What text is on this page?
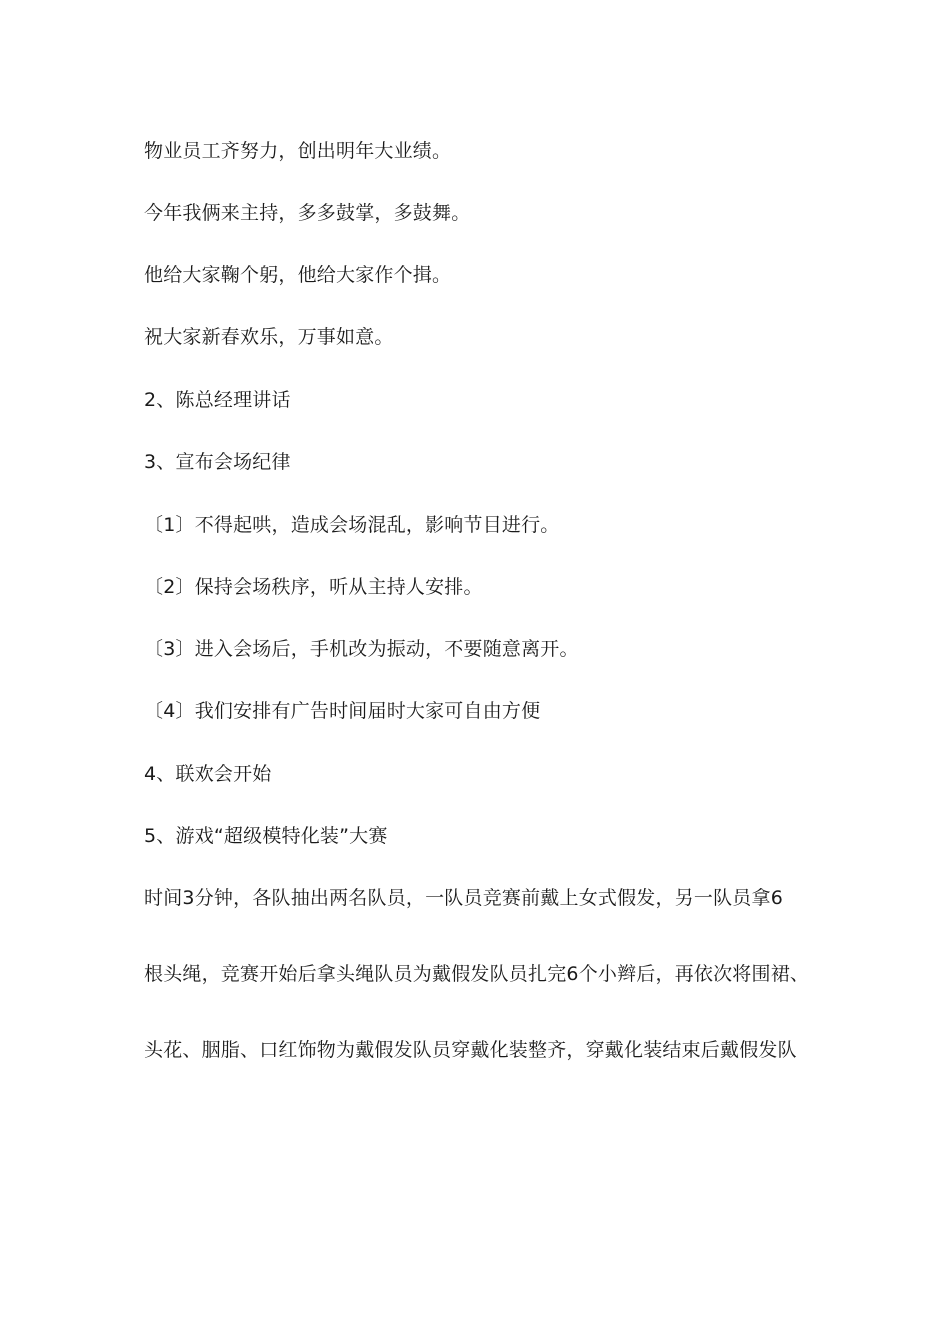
物业员工齐努力，创出明年大业绩。
今年我俩来主持，多多鼓掌，多鼓舞。
他给大家鞠个躬，他给大家作个揖。
祝大家新春欢乐，万事如意。
2、陈总经理讲话
3、宣布会场纪律
〔1〕不得起哄，造成会场混乱，影响节目进行。
〔2〕保持会场秩序，听从主持人安排。
〔3〕进入会场后，手机改为振动，不要随意离开。
〔4〕我们安排有广告时间届时大家可自由方便
4、联欢会开始
5、游戏“超级模特化装”大赛
时间3分钟，各队抽出两名队员，一队员竞赛前戴上女式假发，另一队员拿6
根头绳，竞赛开始后拿头绳队员为戴假发队员扎完6个小辫后，再依次将围裙、
头花、胭脂、口红饰物为戴假发队员穿戴化装整齐，穿戴化装结束后戴假发队
